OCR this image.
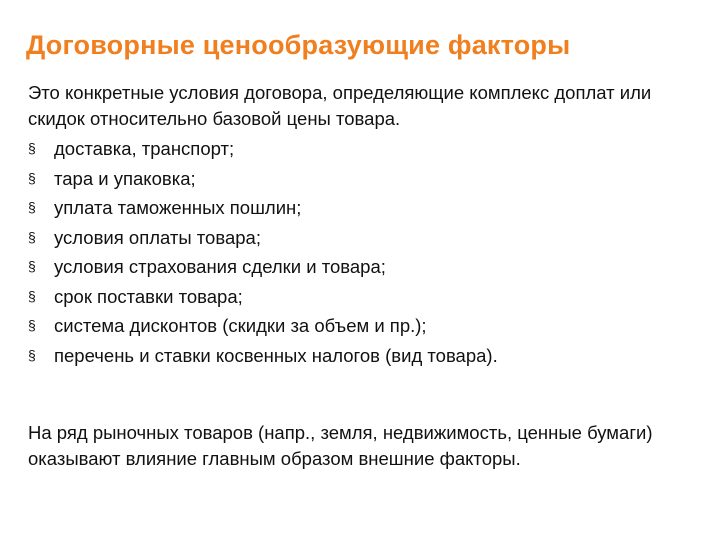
Договорные ценообразующие факторы
Это конкретные условия договора, определяющие комплекс доплат или скидок относительно базовой цены товара.
§ доставка, транспорт;
§ тара и упаковка;
§ уплата таможенных пошлин;
§ условия оплаты товара;
§ условия страхования сделки и товара;
§ срок поставки товара;
§ система дисконтов (скидки за объем и пр.);
§ перечень и ставки косвенных налогов (вид товара).
На ряд рыночных товаров (напр., земля, недвижимость, ценные бумаги) оказывают влияние главным образом внешние факторы.
